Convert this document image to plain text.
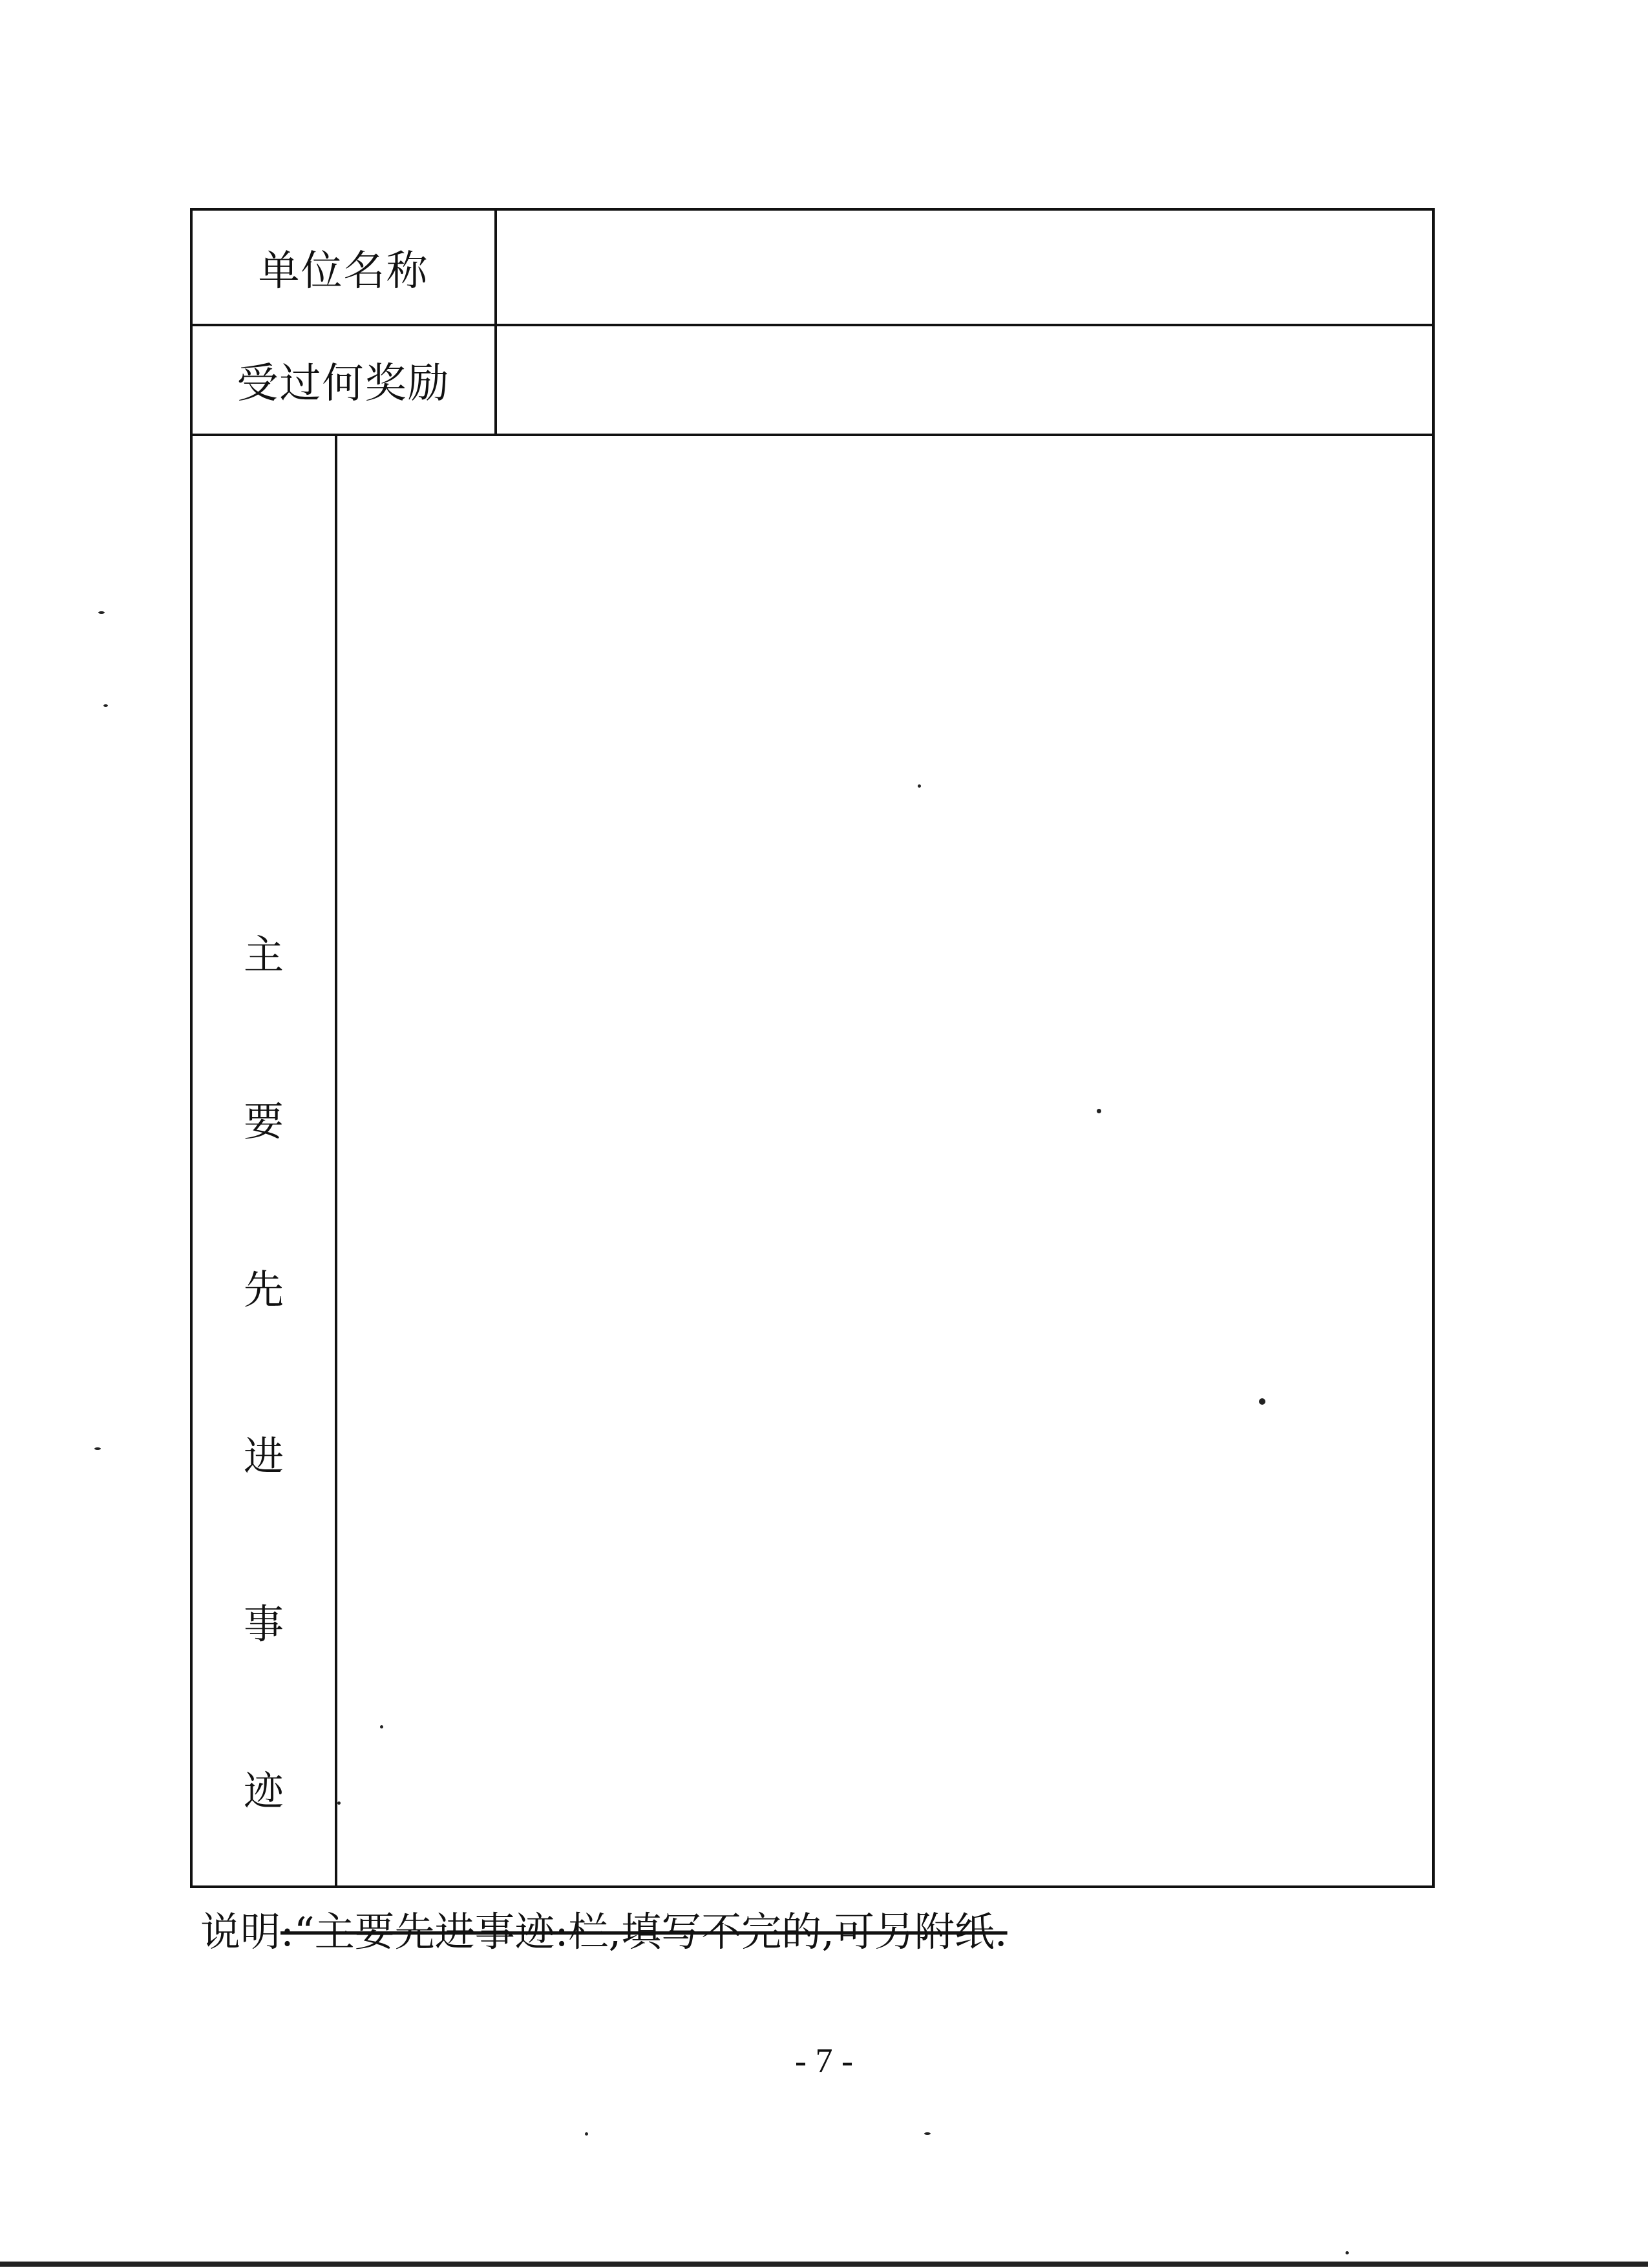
单位名称
受过何奖励
主
要
先
进
事
迹
说明:“主要先进事迹:栏,填写不完的,可另附纸.
- 7 -
